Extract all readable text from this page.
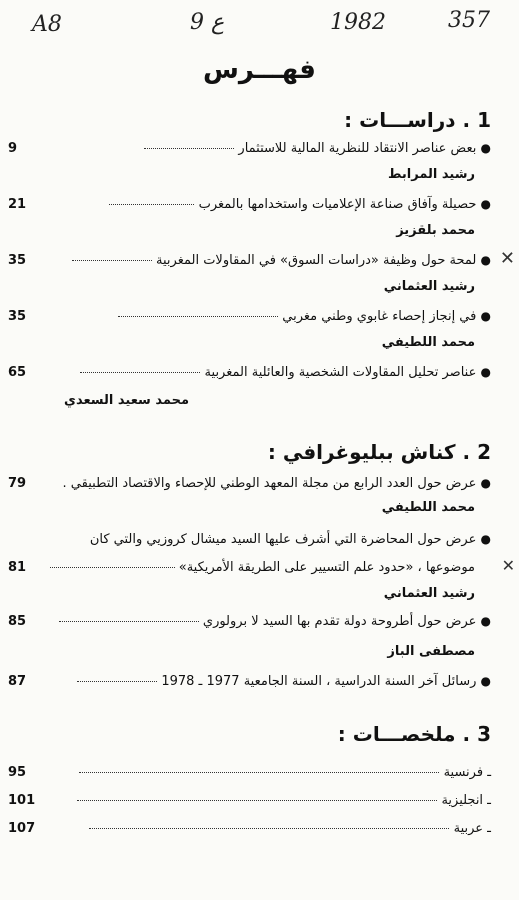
A8	ع 9	1982	357
فهـــرس
1 . دراســـات :
● بعض عناصر الانتقاد للنظرية المالية للاستثمار
9
رشيد المرابط
● حصيلة وآفاق صناعة الإعلاميات واستخدامها بالمغرب
21
محمد بلقزيز
● لمحة حول وظيفة «دراسات السوق» في المقاولات المغربية
35	✕
رشيد العثماني
● في إنجاز إحصاء غابوي وطني مغربي
35
محمد اللطيفي
● عناصر تحليل المقاولات الشخصية والعائلية المغربية
65
محمد سعيد السعدي
2 . كناش ببليوغرافي :
● عرض حول العدد الرابع من مجلة المعهد الوطني للإحصاء والاقتصاد التطبيقي .
79
محمد اللطيفي
● عرض حول المحاضرة التي أشرف عليها السيد ميشال كروزيي والتي كان
موضوعها ، «حدود علم التسيير على الطريقة الأمريكية»
81	✕
رشيد العثماني
● عرض حول أطروحة دولة تقدم بها السيد لا برولوري
85
مصطفى الباز
● رسائل آخر السنة الدراسية ، السنة الجامعية 1977 ـ 1978
87
3 . ملخصـــات :
ـ فرنسية
95
ـ انجليزية
101
ـ عربية
107
